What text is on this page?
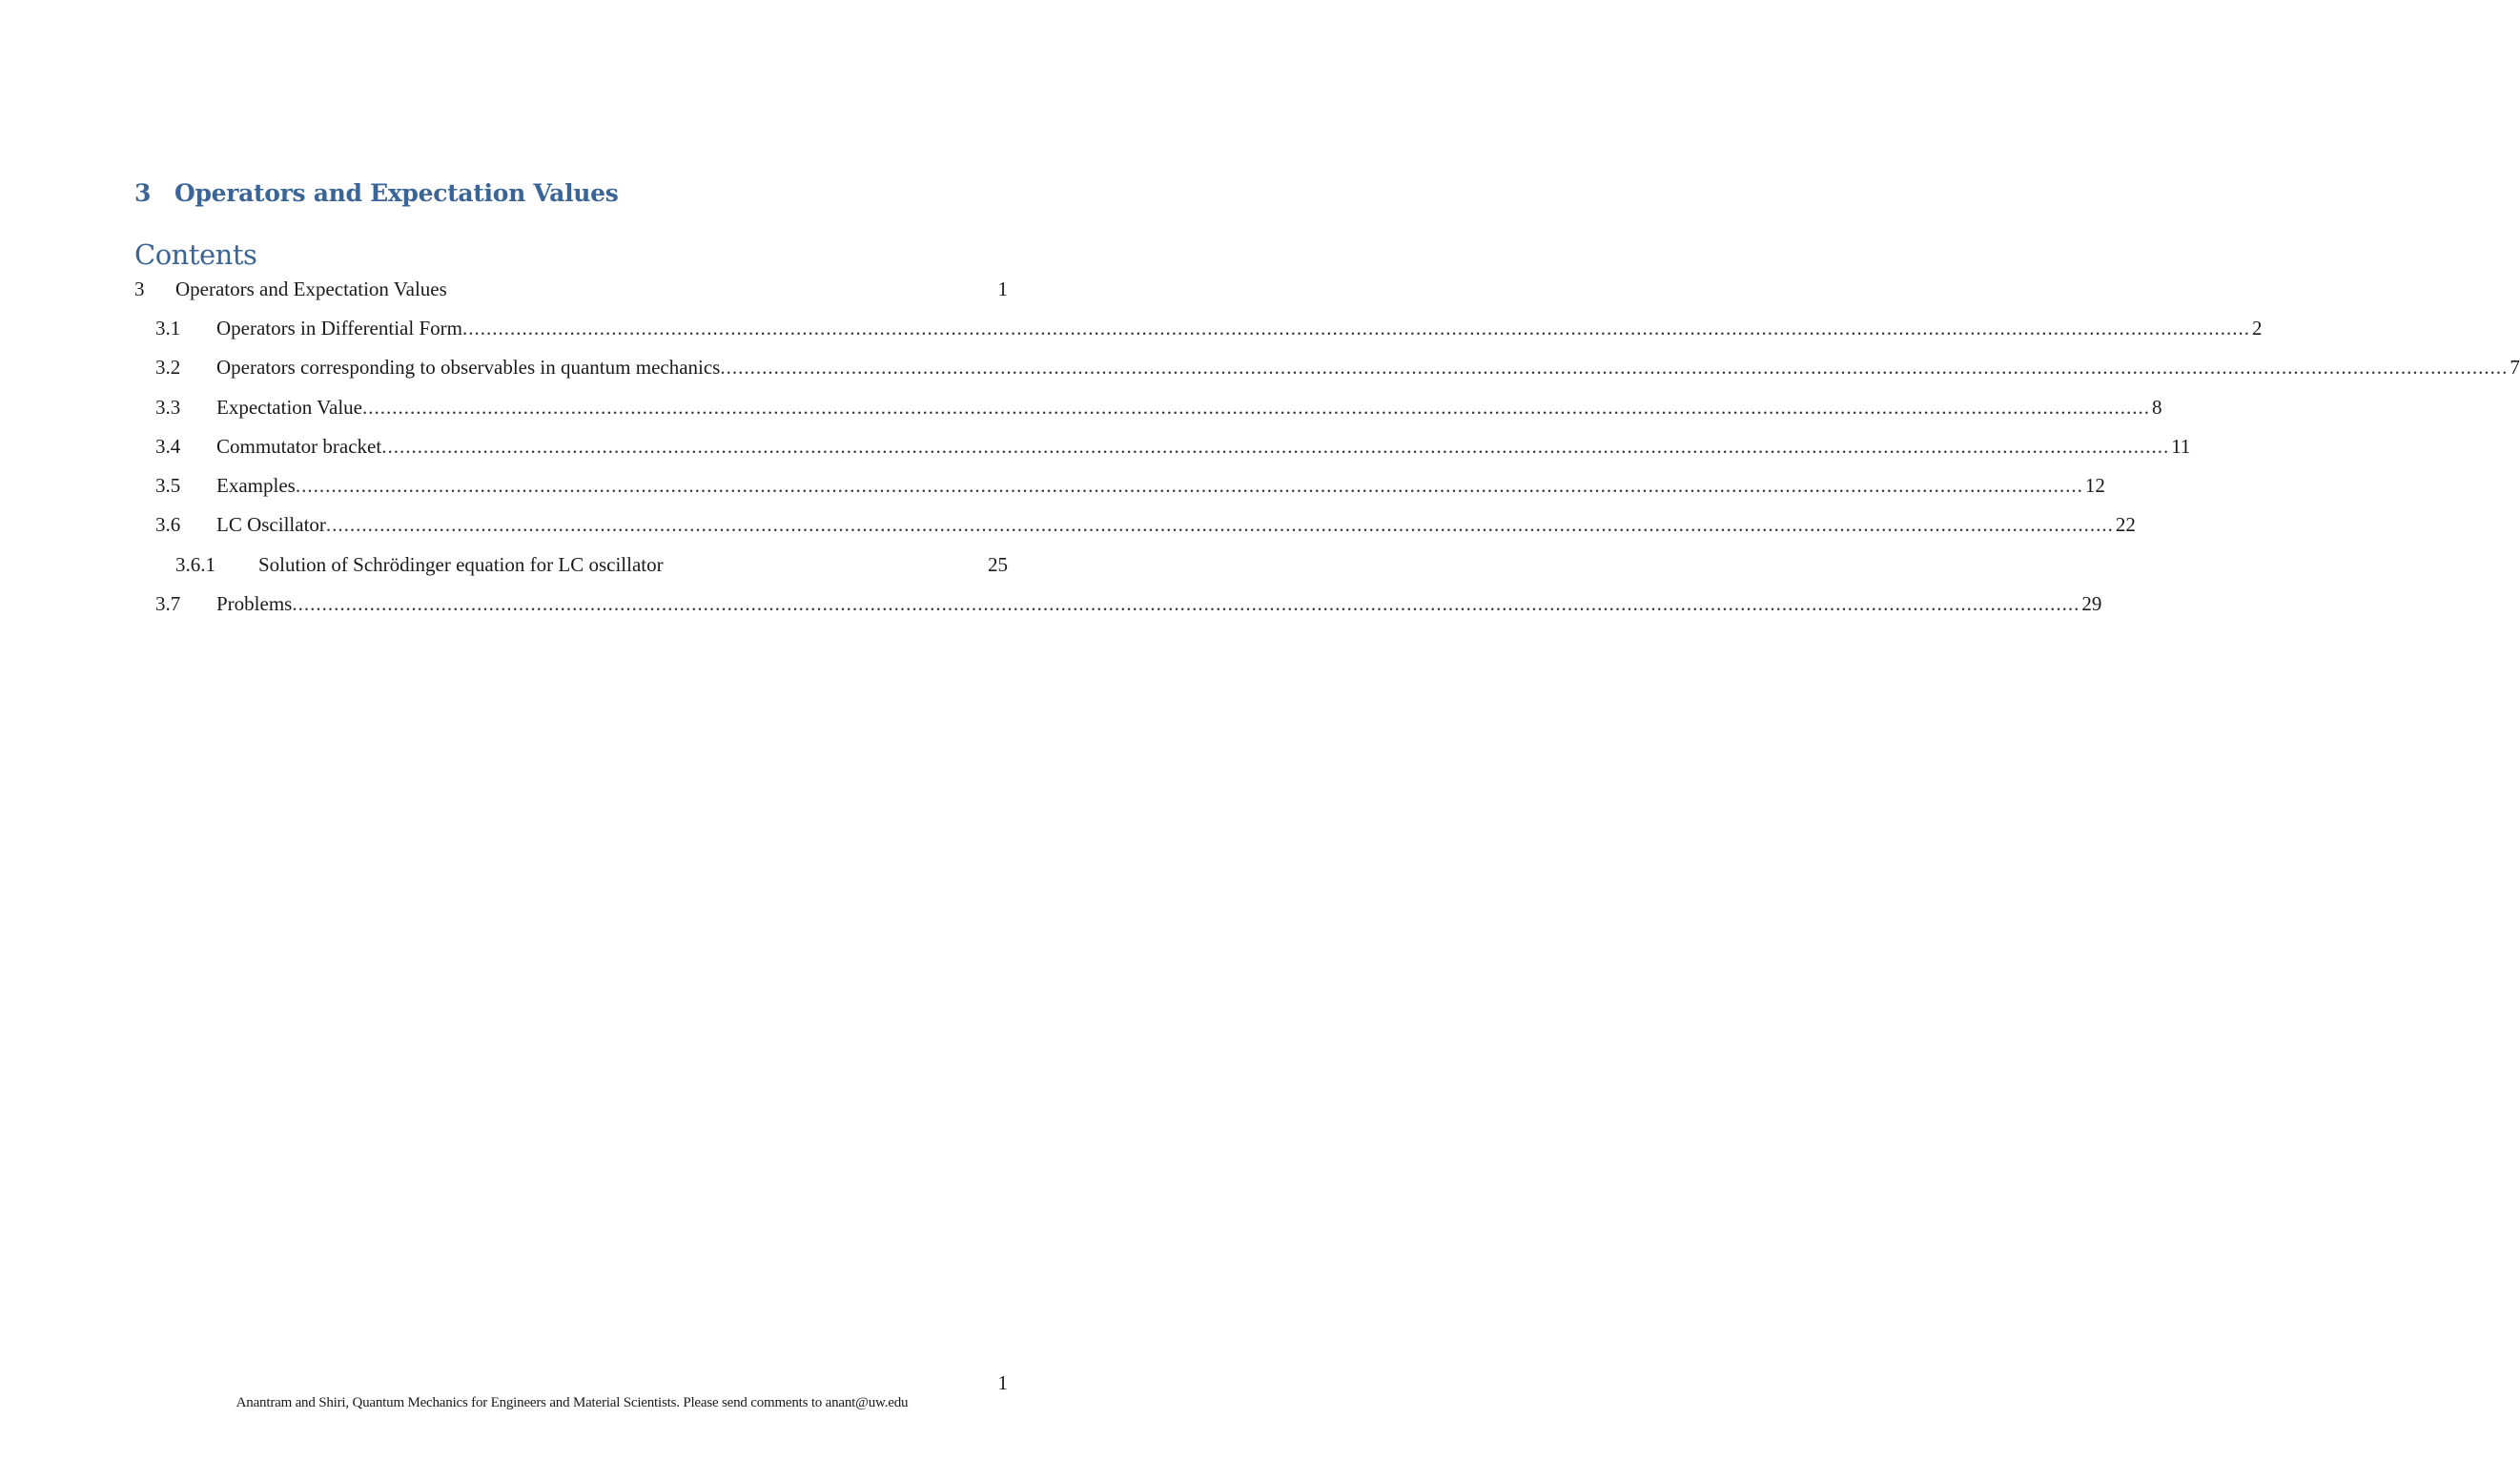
3 Operators and Expectation Values
Contents
3 Operators and Expectation Values	1
3.1 Operators in Differential Form ............................................................................................................................................................................................................................................................................................................ 2
3.2 Operators corresponding to observables in quantum mechanics ............................................................................................................................................................................................................................................................................................................ 7
3.3 Expectation Value ............................................................................................................................................................................................................................................................................................................ 8
3.4 Commutator bracket ............................................................................................................................................................................................................................................................................................................ 11
3.5 Examples ............................................................................................................................................................................................................................................................................................................ 12
3.6 LC Oscillator ............................................................................................................................................................................................................................................................................................................ 22
3.6.1 Solution of Schrödinger equation for LC oscillator	25
3.7 Problems ............................................................................................................................................................................................................................................................................................................ 29
1
Anantram and Shiri, Quantum Mechanics for Engineers and Material Scientists. Please send comments to anant@uw.edu
